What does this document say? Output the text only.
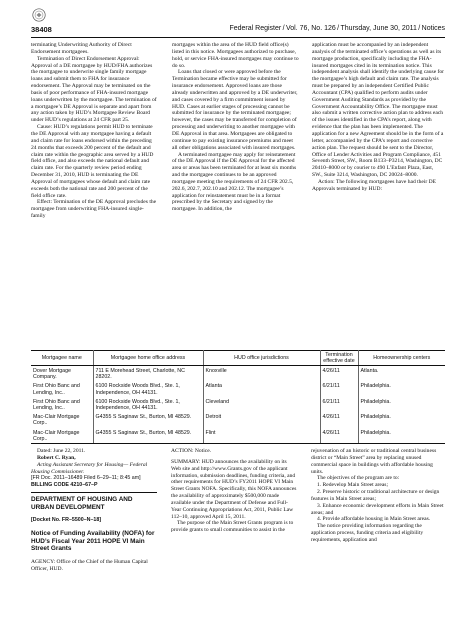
38408	Federal Register / Vol. 76, No. 126 / Thursday, June 30, 2011 / Notices

terminating Underwriting Authority of Direct Endorsement mortgagees.

Termination of Direct Endorsement Approval: Approval of a DE mortgagee by HUD/FHA authorizes the mortgagee to underwrite single family mortgage loans and submit them to FHA for insurance endorsement. The Approval may be terminated on the basis of poor performance of FHA-insured mortgage loans underwritten by the mortgagee. The termination of a mortgagee’s DE Approval is separate and apart from any action taken by HUD’s Mortgagee Review Board under HUD’s regulations at 24 CFR part 25.

Cause: HUD’s regulations permit HUD to terminate the DE Approval with any mortgagee having a default and claim rate for loans endorsed within the preceding 24 months that exceeds 200 percent of the default and claim rate within the geographic area served by a HUD field office, and also exceeds the national default and claim rate. For the quarterly review period ending December 31, 2010, HUD is terminating the DE Approval of mortgagees whose default and claim rate exceeds both the national rate and 200 percent of the field office rate.

Effect: Termination of the DE Approval precludes the mortgagee from underwriting FHA-insured single-family

mortgages within the area of the HUD field office(s) listed in this notice. Mortgagees authorized to purchase, hold, or service FHA-insured mortgages may continue to do so.

Loans that closed or were approved before the Termination became effective may be submitted for insurance endorsement. Approved loans are those already underwritten and approved by a DE underwriter, and cases covered by a firm commitment issued by HUD. Cases at earlier stages of processing cannot be submitted for insurance by the terminated mortgagee; however, the cases may be transferred for completion of processing and underwriting to another mortgagee with DE Approval in that area. Mortgagees are obligated to continue to pay existing insurance premiums and meet all other obligations associated with insured mortgages.

A terminated mortgagee may apply for reinstatement of the DE Approval if the DE Approval for the affected area or areas has been terminated for at least six months and the mortgagee continues to be an approved mortgagee meeting the requirements of 24 CFR 202.5, 202.6, 202.7, 202.10 and 202.12. The mortgagee’s application for reinstatement must be in a format prescribed by the Secretary and signed by the mortgagee. In addition, the

application must be accompanied by an independent analysis of the terminated office’s operations as well as its mortgage production, specifically including the FHA-insured mortgages cited in its termination notice. This independent analysis shall identify the underlying cause for the mortgagee’s high default and claim rate. The analysis must be prepared by an independent Certified Public Accountant (CPA) qualified to perform audits under Government Auditing Standards as provided by the Government Accountability Office. The mortgagee must also submit a written corrective action plan to address each of the issues identified in the CPA’s report, along with evidence that the plan has been implemented. The application for a new Agreement should be in the form of a letter, accompanied by the CPA’s report and corrective action plan. The request should be sent to the Director, Office of Lender Activities and Program Compliance, 451 Seventh Street, SW., Room B133–P3214, Washington, DC 20410–8000 or by courier to 490 L’Enfant Plaza, East, SW., Suite 3214, Washington, DC 20024–8000.

Action: The following mortgagees have had their DE Approvals terminated by HUD:

Mortgagee name	Mortgagee home office address	HUD office jurisdictions	Termination effective date	Homeownership centers
Dover Mortgage Company.	711 E Morehead Street, Charlotte, NC 28202.	Knoxville	4/26/11	Atlanta.
First Ohio Banc and Lending, Inc..	6100 Rockside Woods Blvd., Ste. 1, Independence, OH 44131.	Atlanta	6/21/11	Philadelphia.
First Ohio Banc and Lending, Inc..	6100 Rockside Woods Blvd., Ste. 1, Independence, OH 44131.	Cleveland	6/21/11	Philadelphia.
Mac-Clair Mortgage Corp..	G4355 S Saginaw St., Burton, MI 48529.	Detroit	4/26/11	Philadelphia.
Mac-Clair Mortgage Corp..	G4355 S Saginaw St., Burton, MI 48529.	Flint	4/26/11	Philadelphia.
Dated: June 22, 2011.
Robert C. Ryan,
Acting Assistant Secretary for Housing— Federal Housing Commissioner.
[FR Doc. 2011–16489 Filed 6–29–11; 8:45 am]
BILLING CODE 4210–67–P
DEPARTMENT OF HOUSING AND URBAN DEVELOPMENT
[Docket No. FR–5500–N–18]
Notice of Funding Availability (NOFA) for HUD’s Fiscal Year 2011 HOPE VI Main Street Grants
AGENCY: Office of the Chief of the Human Capital Officer, HUD.

ACTION: Notice.

SUMMARY: HUD announces the availability on its Web site and http://www.Grants.gov of the applicant information, submission deadlines, funding criteria, and other requirements for HUD’s FY2011 HOPE VI Main Street Grants NOFA. Specifically, this NOFA announces the availability of approximately $500,000 made available under the Department of Defense and Full-Year Continuing Appropriations Act, 2011, Public Law 112–10, approved April 15, 2011.

The purpose of the Main Street Grants program is to provide grants to small communities to assist in the

rejuvenation of an historic or traditional central business district or “Main Street” area by replacing unused commercial space in buildings with affordable housing units.

The objectives of the program are to:

1. Redevelop Main Street areas;

2. Preserve historic or traditional architecture or design features in Main Street areas;

3. Enhance economic development efforts in Main Street areas; and

4. Provide affordable housing in Main Street areas.

The notice providing information regarding the application process, funding criteria and eligibility requirements, application and
